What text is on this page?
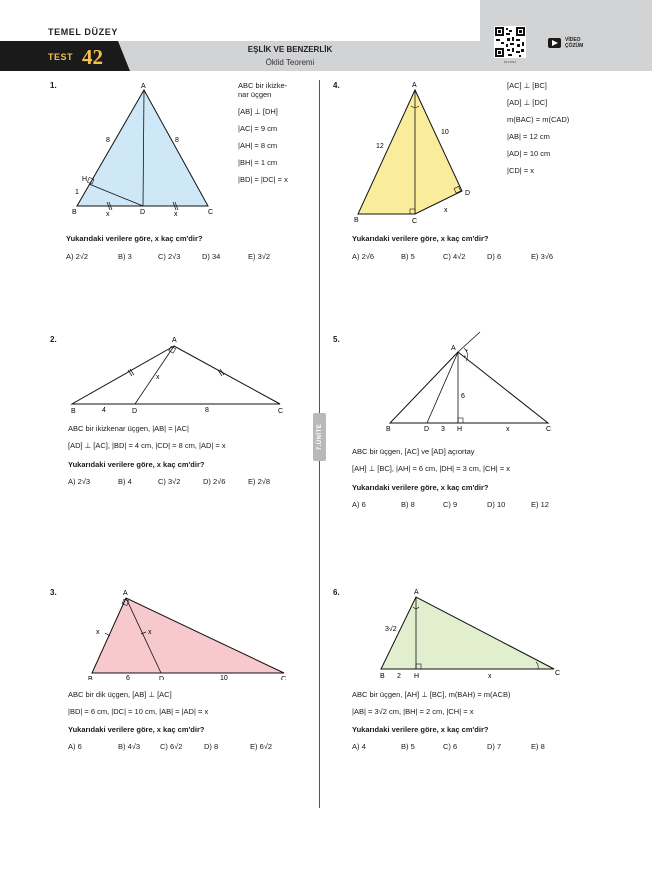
TEMEL DÜZEY
TEST 42	EŞLİK VE BENZERLİK
Öklid Teoremi	123 4567
VİDEO
ÇÖZÜM
7.ÜNİTE
1.	A
B	C
D
H
8	8
1
x	x
ABC bir ikizke-
nar üçgen
[AB] ⊥ [DH]
|AC| = 9 cm
|AH| = 8 cm
|BH| = 1 cm
|BD| = |DC| = x
Yukarıdaki verilere göre, x kaç cm'dir?
A) 2√2	B) 3	C) 2√3	D) 34	E) 3√2
2.	A
B	D	C
4	8
x
ABC bir ikizkenar üçgen, |AB| = |AC|
[AD] ⊥ [AC], |BD| = 4 cm, |CD| = 8 cm, |AD| = x
Yukarıdaki verilere göre, x kaç cm'dir?
A) 2√3	B) 4	C) 3√2	D) 2√6	E) 2√8
3.	A
B	D	C
6	10
x	x
ABC bir dik üçgen, [AB] ⊥ [AC]
|BD| = 6 cm, |DC| = 10 cm, |AB| = |AD| = x
Yukarıdaki verilere göre, x kaç cm'dir?
A) 6	B) 4√3	C) 6√2	D) 8	E) 6√2
4.	A
B	C
D
12
10
x
[AC] ⊥ [BC]
[AD] ⊥ [DC]
m(BAC) = m(CAD)
|AB| = 12 cm
|AD| = 10 cm
|CD| = x
Yukarıdaki verilere göre, x kaç cm'dir?
A) 2√6	B) 5	C) 4√2	D) 6	E) 3√6
5.
•
•
A
B	D	H	C
6
3	x
ABC bir üçgen, [AC] ve [AD] açıortay
[AH] ⊥ [BC], |AH| = 6 cm, |DH| = 3 cm, |CH| = x
Yukarıdaki verilere göre, x kaç cm'dir?
A) 6	B) 8	C) 9	D) 10	E) 12
6.	A
B	H	C
3√2
2	x
ABC bir üçgen, [AH] ⊥ [BC], m(BAH) = m(ACB)
|AB| = 3√2 cm, |BH| = 2 cm, |CH| = x
Yukarıdaki verilere göre, x kaç cm'dir?
A) 4	B) 5	C) 6	D) 7	E) 8
